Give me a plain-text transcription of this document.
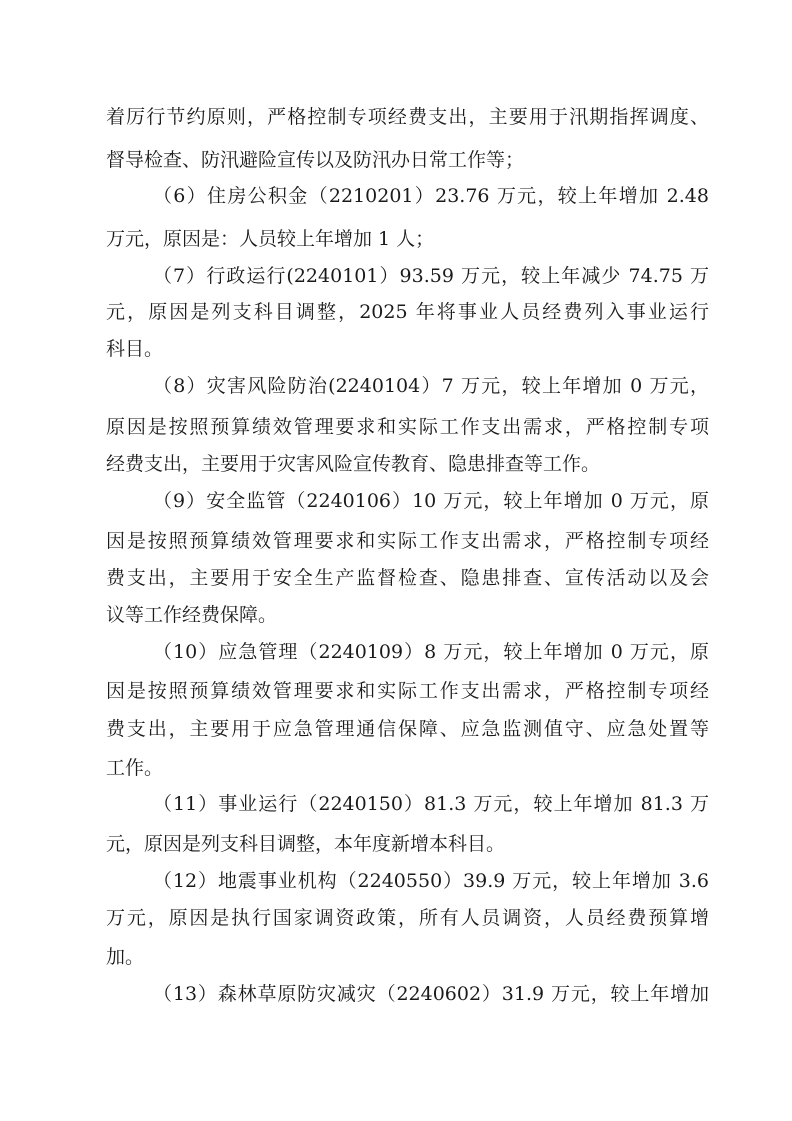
着厉行节约原则，严格控制专项经费支出，主要用于汛期指挥调度、

督导检查、防汛避险宣传以及防汛办日常工作等；

（6）住房公积金（2210201）23.76 万元，较上年增加 2.48

万元，原因是：人员较上年增加 1 人；

（7）行政运行(2240101）93.59 万元，较上年减少 74.75 万

元，原因是列支科目调整，2025 年将事业人员经费列入事业运行

科目。

（8）灾害风险防治(2240104）7 万元，较上年增加 0 万元，

原因是按照预算绩效管理要求和实际工作支出需求，严格控制专项

经费支出，主要用于灾害风险宣传教育、隐患排查等工作。

（9）安全监管（2240106）10 万元，较上年增加 0 万元，原

因是按照预算绩效管理要求和实际工作支出需求，严格控制专项经

费支出，主要用于安全生产监督检查、隐患排查、宣传活动以及会

议等工作经费保障。

（10）应急管理（2240109）8 万元，较上年增加 0 万元，原

因是按照预算绩效管理要求和实际工作支出需求，严格控制专项经

费支出，主要用于应急管理通信保障、应急监测值守、应急处置等

工作。

（11）事业运行（2240150）81.3 万元，较上年增加 81.3 万

元，原因是列支科目调整，本年度新增本科目。

（12）地震事业机构（2240550）39.9 万元，较上年增加 3.6

万元，原因是执行国家调资政策，所有人员调资，人员经费预算增

加。

（13）森林草原防灾减灾（2240602）31.9 万元，较上年增加
